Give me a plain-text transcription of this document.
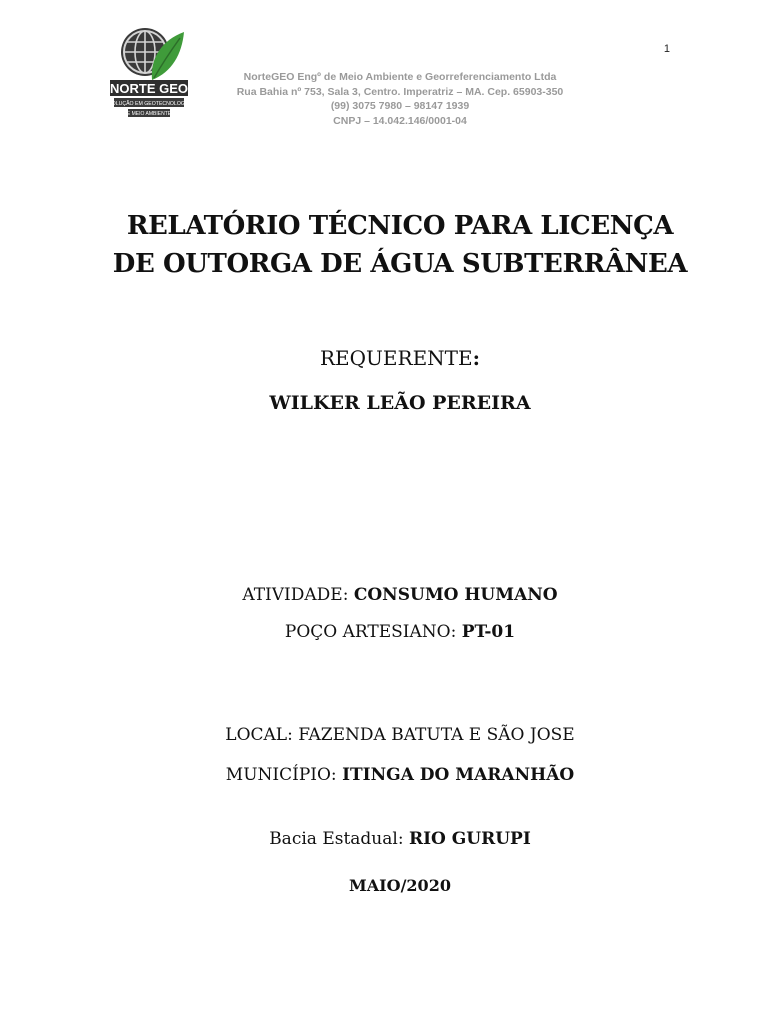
1
NORTE GEO
SOLUÇÃO EM GEOTECNOLOGIA
E MEIO AMBIENTE
NorteGEO Engº de Meio Ambiente e Georreferenciamento Ltda
Rua Bahia nº 753, Sala 3, Centro. Imperatriz – MA. Cep. 65903-350
(99) 3075 7980 – 98147 1939
CNPJ – 14.042.146/0001-04
RELATÓRIO TÉCNICO PARA LICENÇA
DE OUTORGA DE ÁGUA SUBTERRÂNEA
REQUERENTE:
WILKER LEÃO PEREIRA
ATIVIDADE: CONSUMO HUMANO
POÇO ARTESIANO: PT-01
LOCAL: FAZENDA BATUTA E SÃO JOSE
MUNICÍPIO: ITINGA DO MARANHÃO
Bacia Estadual: RIO GURUPI
MAIO/2020
